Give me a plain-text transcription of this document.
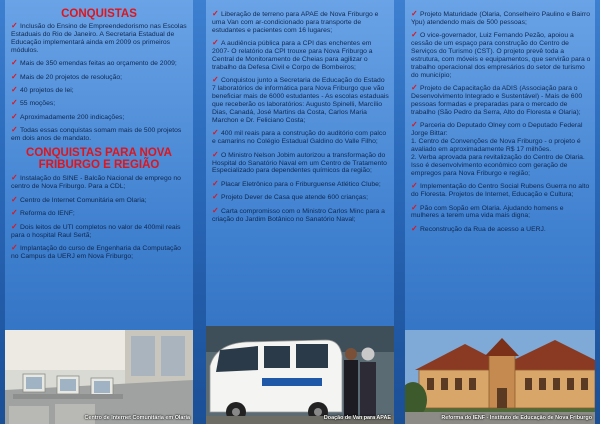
CONQUISTAS
✓ Inclusão do Ensino de Empreendedorismo nas Escolas Estaduais do Rio de Janeiro. A Secretaria Estadual de Educação implementará ainda em 2009 os primeiros módulos.
✓ Mais de 350 emendas feitas ao orçamento de 2009;
✓ Mais de 20 projetos de resolução;
✓ 40 projetos de lei;
✓ 55 moções;
✓ Aproximadamente 200 indicações;
✓ Todas essas conquistas somam mais de 500 projetos em dois anos de mandato.
CONQUISTAS PARA NOVA FRIBURGO E REGIÃO
✓ Instalação do SINE - Balcão Nacional de emprego no centro de Nova Friburgo. Para a CDL;
✓ Centro de Internet Comunitária em Olaria;
✓ Reforma do IENF;
✓ Dois leitos de UTI completos no valor de 400mil reais para o hospital Raul Sertã;
✓ Implantação do curso de Engenharia da Computação no Campus da UERJ em Nova Friburgo;
Centro de Internet Comunitária em Olaria
✓ Liberação de terreno para APAE de Nova Friburgo e uma Van com ar-condicionado para transporte de estudantes e pacientes com 16 lugares;
✓ A audiência pública para a CPI das enchentes em 2007- O relatório da CPI trouxe para Nova Friburgo a Central de Monitoramento de Cheias para agilizar o trabalho da Defesa Civil e Corpo de Bombeiros;
✓ Conquistou junto a Secretaria de Educação do Estado 7 laboratórios de informática para Nova Friburgo que vão beneficiar mais de 6000 estudantes - As escolas estaduais que receberão os laboratórios: Augusto Spinelli, Marcílio Dias, Canadá, José Martins da Costa, Carlos Maria Marchon e Dr. Feliciano Costa;
✓ 400 mil reais para a construção do auditório com palco e camarins no Colégio Estadual Galdino do Valle Filho;
✓ O Ministro Nelson Jobim autorizou a transformação do Hospital do Sanatório Naval em um Centro de Tratamento Especializado para dependentes químicos da região;
✓ Placar Eletrônico para o Friburguense Atlético Clube;
✓ Projeto Dever de Casa que atende 600 crianças;
✓ Carta compromisso com o Ministro Carlos Minc para a criação do Jardim Botânico no Sanatório Naval;
Doação de Van para APAE
✓ Projeto Maturidade (Olaria, Conselheiro Paulino e Bairro Ypu) atendendo mais de 500 pessoas;
✓ O vice-governador, Luiz Fernando Pezão, apoiou a cessão de um espaço para construção do Centro de Serviços do Turismo (CST). O projeto prevê toda a estrutura, com móveis e equipamentos, que servirão para o trabalho operacional dos empresários do setor de turismo do município;
✓ Projeto de Capacitação da ADIS (Associação para o Desenvolvimento Integrado e Sustentável) - Mais de 600 pessoas formadas e preparadas para o mercado de trabalho (São Pedro da Serra, Alto do Floresta e Olaria);
✓ Parceria do Deputado Olney com o Deputado Federal Jorge Bittar:
1. Centro de Convenções de Nova Friburgo - o projeto é avaliado em aproximadamente R$ 17 milhões.
2. Verba aprovada para revitalização do Centro de Olaria.
Isso é desenvolvimento econômico com geração de empregos para Nova Friburgo e região;
✓ Implementação do Centro Social Rubens Guerra no alto do Floresta. Projetos de Internet, Educação e Cultura;
✓ Pão com Sopão em Olaria. Ajudando homens e mulheres a terem uma vida mais digna;
✓ Reconstrução da Rua de acesso a UERJ.
Reforma do IENF - Instituto de Educação de Nova Friburgo
